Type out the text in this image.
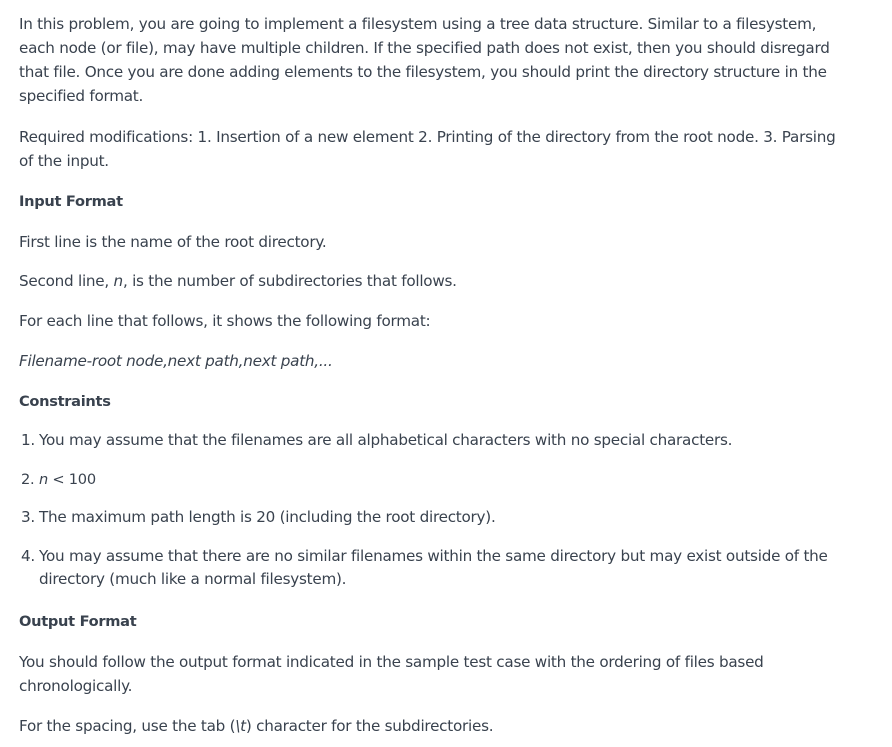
In this problem, you are going to implement a filesystem using a tree data structure. Similar to a filesystem, each node (or file), may have multiple children. If the specified path does not exist, then you should disregard that file. Once you are done adding elements to the filesystem, you should print the directory structure in the specified format.

Required modifications: 1. Insertion of a new element 2. Printing of the directory from the root node. 3. Parsing of the input.

Input Format

First line is the name of the root directory.

Second line, n, is the number of subdirectories that follows.

For each line that follows, it shows the following format:

Filename-root node,next path,next path,...

Constraints

1. You may assume that the filenames are all alphabetical characters with no special characters.
2. n < 100
3. The maximum path length is 20 (including the root directory).
4. You may assume that there are no similar filenames within the same directory but may exist outside of the directory (much like a normal filesystem).

Output Format

You should follow the output format indicated in the sample test case with the ordering of files based chronologically.

For the spacing, use the tab (\t) character for the subdirectories.
